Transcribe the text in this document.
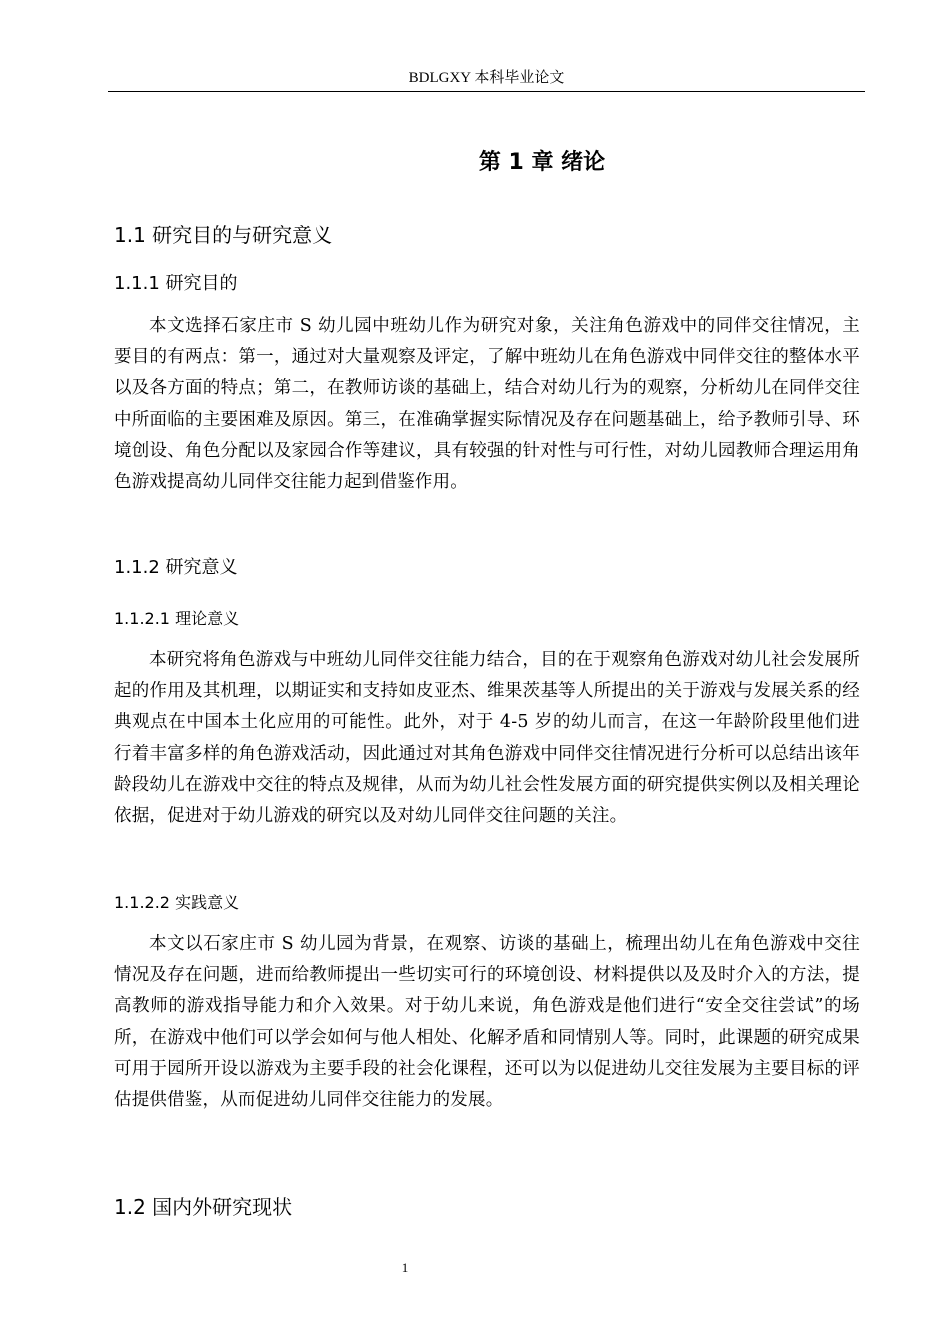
BDLGXY 本科毕业论文
第 1 章 绪论
1.1 研究目的与研究意义
1.1.1 研究目的
本文选择石家庄市 S 幼儿园中班幼儿作为研究对象，关注角色游戏中的同伴交往情况，主要目的有两点：第一，通过对大量观察及评定，了解中班幼儿在角色游戏中同伴交往的整体水平以及各方面的特点；第二，在教师访谈的基础上，结合对幼儿行为的观察，分析幼儿在同伴交往中所面临的主要困难及原因。第三，在准确掌握实际情况及存在问题基础上，给予教师引导、环境创设、角色分配以及家园合作等建议，具有较强的针对性与可行性，对幼儿园教师合理运用角色游戏提高幼儿同伴交往能力起到借鉴作用。
1.1.2 研究意义
1.1.2.1 理论意义
本研究将角色游戏与中班幼儿同伴交往能力结合，目的在于观察角色游戏对幼儿社会发展所起的作用及其机理，以期证实和支持如皮亚杰、维果茨基等人所提出的关于游戏与发展关系的经典观点在中国本土化应用的可能性。此外，对于 4-5 岁的幼儿而言，在这一年龄阶段里他们进行着丰富多样的角色游戏活动，因此通过对其角色游戏中同伴交往情况进行分析可以总结出该年龄段幼儿在游戏中交往的特点及规律，从而为幼儿社会性发展方面的研究提供实例以及相关理论依据，促进对于幼儿游戏的研究以及对幼儿同伴交往问题的关注。
1.1.2.2 实践意义
本文以石家庄市 S 幼儿园为背景，在观察、访谈的基础上，梳理出幼儿在角色游戏中交往情况及存在问题，进而给教师提出一些切实可行的环境创设、材料提供以及及时介入的方法，提高教师的游戏指导能力和介入效果。对于幼儿来说，角色游戏是他们进行“安全交往尝试”的场所，在游戏中他们可以学会如何与他人相处、化解矛盾和同情别人等。同时，此课题的研究成果可用于园所开设以游戏为主要手段的社会化课程，还可以为以促进幼儿交往发展为主要目标的评估提供借鉴，从而促进幼儿同伴交往能力的发展。
1.2 国内外研究现状
1
